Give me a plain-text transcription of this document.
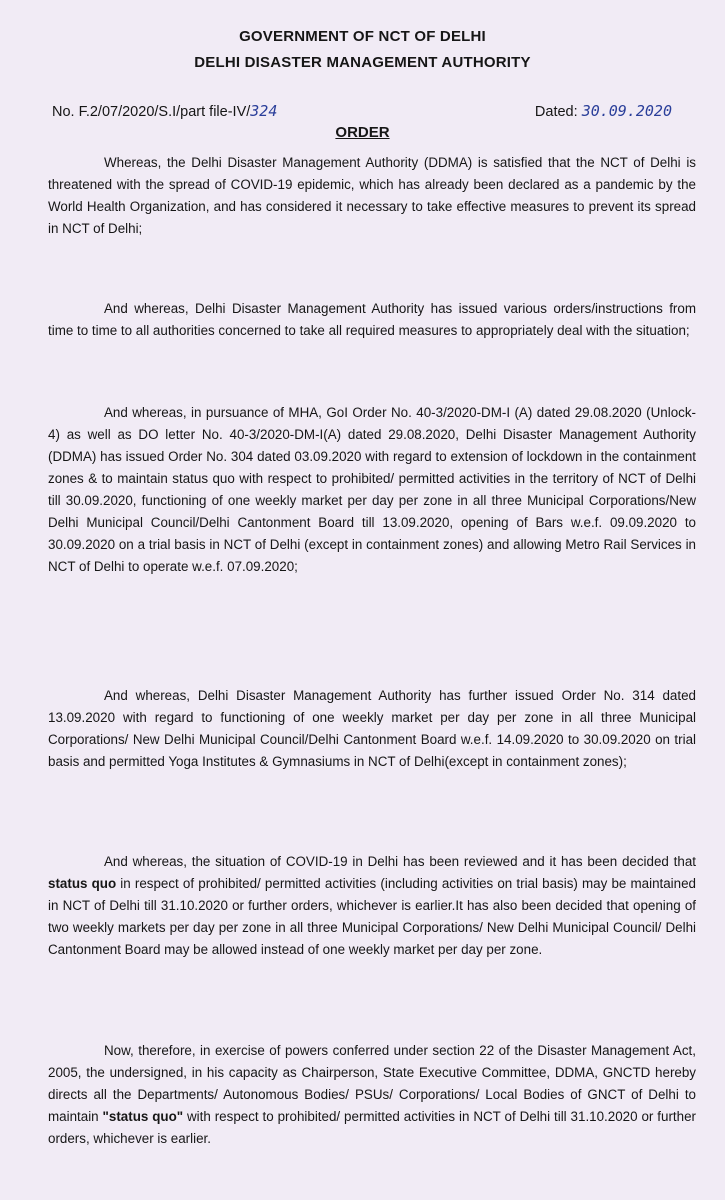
GOVERNMENT OF NCT OF DELHI
DELHI DISASTER MANAGEMENT AUTHORITY
No. F.2/07/2020/S.I/part file-IV/324	Dated: 30.09.2020
ORDER

Whereas, the Delhi Disaster Management Authority (DDMA) is satisfied that the NCT of Delhi is threatened with the spread of COVID-19 epidemic, which has already been declared as a pandemic by the World Health Organization, and has considered it necessary to take effective measures to prevent its spread in NCT of Delhi;

And whereas, Delhi Disaster Management Authority has issued various orders/instructions from time to time to all authorities concerned to take all required measures to appropriately deal with the situation;

And whereas, in pursuance of MHA, GoI Order No. 40-3/2020-DM-I (A) dated 29.08.2020 (Unlock-4) as well as DO letter No. 40-3/2020-DM-I(A) dated 29.08.2020, Delhi Disaster Management Authority (DDMA) has issued Order No. 304 dated 03.09.2020 with regard to extension of lockdown in the containment zones & to maintain status quo with respect to prohibited/ permitted activities in the territory of NCT of Delhi till 30.09.2020, functioning of one weekly market per day per zone in all three Municipal Corporations/New Delhi Municipal Council/Delhi Cantonment Board till 13.09.2020, opening of Bars w.e.f. 09.09.2020 to 30.09.2020 on a trial basis in NCT of Delhi (except in containment zones) and allowing Metro Rail Services in NCT of Delhi to operate w.e.f. 07.09.2020;

And whereas, Delhi Disaster Management Authority has further issued Order No. 314 dated 13.09.2020 with regard to functioning of one weekly market per day per zone in all three Municipal Corporations/ New Delhi Municipal Council/Delhi Cantonment Board w.e.f. 14.09.2020 to 30.09.2020 on trial basis and permitted Yoga Institutes & Gymnasiums in NCT of Delhi(except in containment zones);

And whereas, the situation of COVID-19 in Delhi has been reviewed and it has been decided that status quo in respect of prohibited/ permitted activities (including activities on trial basis) may be maintained in NCT of Delhi till 31.10.2020 or further orders, whichever is earlier.It has also been decided that opening of two weekly markets per day per zone in all three Municipal Corporations/ New Delhi Municipal Council/ Delhi Cantonment Board may be allowed instead of one weekly market per day per zone.

Now, therefore, in exercise of powers conferred under section 22 of the Disaster Management Act, 2005, the undersigned, in his capacity as Chairperson, State Executive Committee, DDMA, GNCTD hereby directs all the Departments/ Autonomous Bodies/ PSUs/ Corporations/ Local Bodies of GNCT of Delhi to maintain "status quo" with respect to prohibited/ permitted activities in NCT of Delhi till 31.10.2020 or further orders, whichever is earlier.
